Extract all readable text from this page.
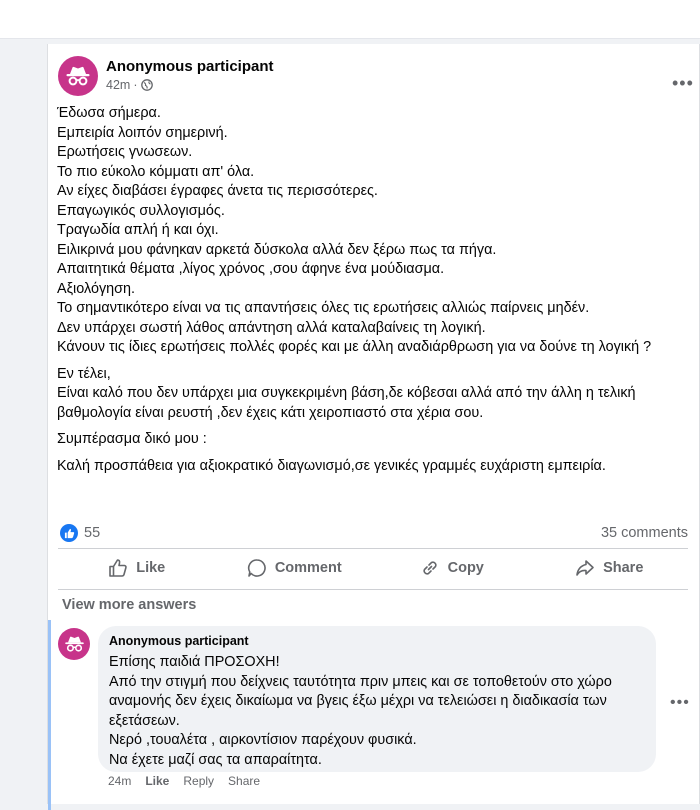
Anonymous participant
42m ·	•••
Έδωσα σήμερα.
Εμπειρία λοιπόν σημερινή.
Ερωτήσεις γνωσεων.
Το πιο εύκολο κόμματι απ' όλα.
Αν είχες διαβάσει έγραφες άνετα τις περισσότερες.
Επαγωγικός συλλογισμός.
Τραγωδία απλή ή και όχι.
Ειλικρινά μου φάνηκαν αρκετά δύσκολα αλλά δεν ξέρω πως τα πήγα.
Απαιτητικά θέματα ,λίγος χρόνος ,σου άφηνε ένα μούδιασμα.
Αξιολόγηση.
Το σημαντικότερο είναι να τις απαντήσεις όλες τις ερωτήσεις αλλιώς παίρνεις μηδέν.
Δεν υπάρχει σωστή λάθος απάντηση αλλά καταλαβαίνεις τη λογική.
Κάνουν τις ίδιες ερωτήσεις πολλές φορές και με άλλη αναδιάρθρωση για να δούνε τη λογική ?
Εν τέλει,
Είναι καλό που δεν υπάρχει μια συγκεκριμένη βάση,δε κόβεσαι αλλά από την άλλη η τελική
βαθμολογία είναι ρευστή ,δεν έχεις κάτι χειροπιαστό στα χέρια σου.
Συμπέρασμα δικό μου :
Καλή προσπάθεια για αξιοκρατικό διαγωνισμό,σε γενικές γραμμές ευχάριστη εμπειρία.
55	35 comments
Like	Comment	Copy	Share
View more answers
Anonymous participant
Επίσης παιδιά ΠΡΟΣΟΧΗ!
Από την στιγμή που δείχνεις ταυτότητα πριν μπεις και σε τοποθετούν στο χώρο
αναμονής δεν έχεις δικαίωμα να βγεις έξω μέχρι να τελειώσει η διαδικασία των
εξετάσεων.
Νερό ,τουαλέτα , αιρκοντίσιον παρέχουν φυσικά.
Να έχετε μαζί σας τα απαραίτητα.
•••
24m Like Reply Share
